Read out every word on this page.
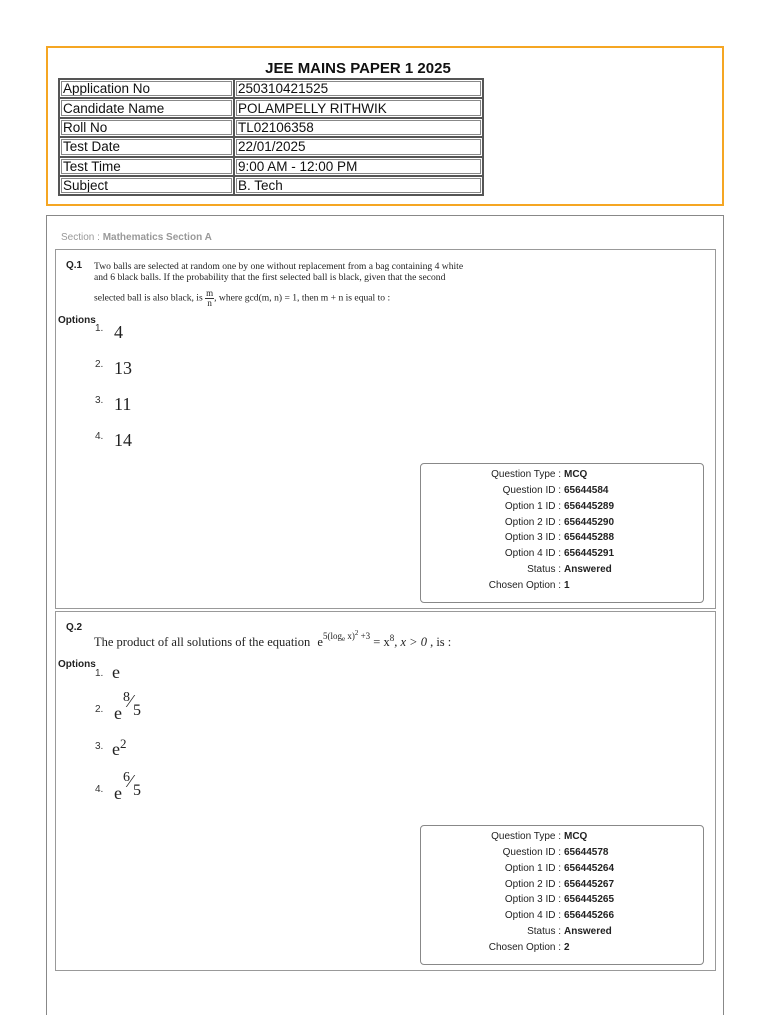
JEE MAINS PAPER 1 2025
Application No	250310421525
Candidate Name	POLAMPELLY RITHWIK
Roll No	TL02106358
Test Date	22/01/2025
Test Time	9:00 AM - 12:00 PM
Subject	B. Tech
Section : Mathematics Section A
Q.1 Two balls are selected at random one by one without replacement from a bag containing 4 white
and 6 black balls. If the probability that the first selected ball is black, given that the second
selected ball is also black, is $\frac{m}{n}$ , where gcd(m, n) = 1, then m + n is equal to :
Options
1. 4
2. 13
3. 11
4. 14
Question Type : MCQ
Question ID : 65644584
Option 1 ID : 656445289
Option 2 ID : 656445290
Option 3 ID : 656445288
Option 4 ID : 656445291
Status : Answered
Chosen Option : 1
Q.2
The product of all solutions of the equation $e^{5(log_e x)^2 +3} = x^8$, x > 0 , is :
Options
1. e
2. e
8 ⁄ 5
3. $e^2$
4. e
6 ⁄ 5
Question Type : MCQ
Question ID : 65644578
Option 1 ID : 656445264
Option 2 ID : 656445267
Option 3 ID : 656445265
Option 4 ID : 656445266
Status : Answered
Chosen Option : 2
